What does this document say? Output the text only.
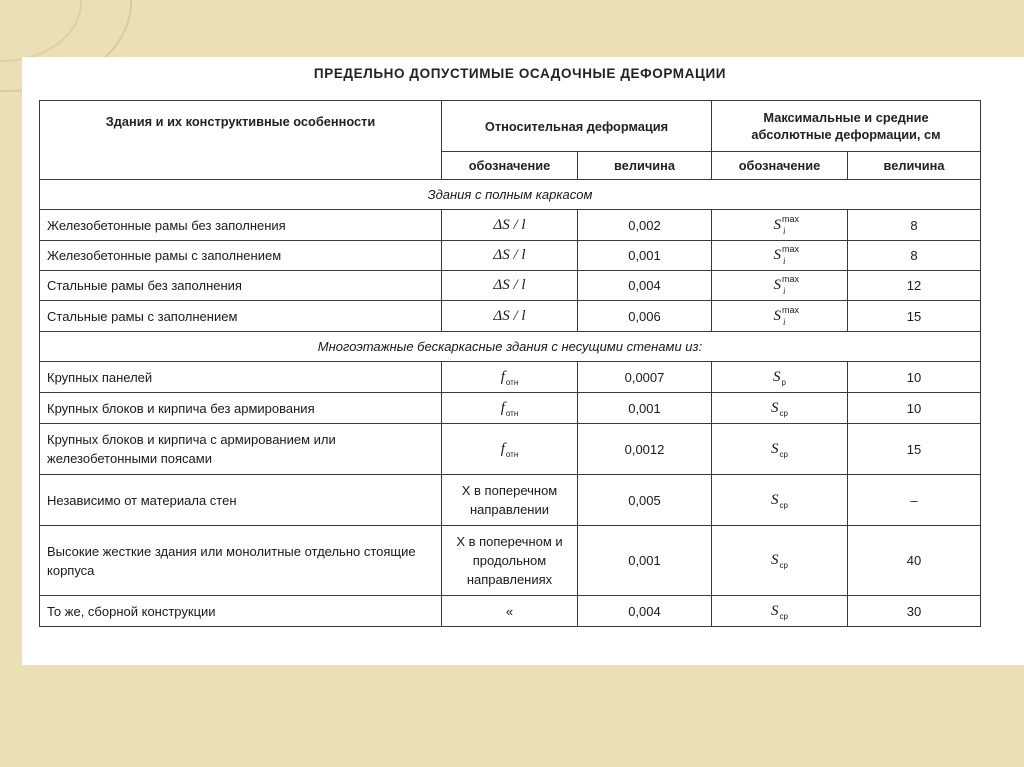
ПРЕДЕЛЬНО ДОПУСТИМЫЕ ОСАДОЧНЫЕ ДЕФОРМАЦИИ
Здания и их конструктивные особенности	Относительная деформация		Максимальные и средние абсолютные деформации, см	
	обозначение	величина	обозначение	величина
Здания с полным каркасом				
Железобетонные рамы без заполнения	ΔS / l	0,002	$S^{max}_i$	8
Железобетонные рамы с заполнением	ΔS / l	0,001	$S^{max}_i$	8
Стальные рамы без заполнения	ΔS / l	0,004	$S^{max}_i$	12
Стальные рамы с заполнением	ΔS / l	0,006	$S^{max}_i$	15
Многоэтажные бескаркасные здания с несущими стенами из:				
Крупных панелей	$f_{отн}$	0,0007	$S_р$	10
Крупных блоков и кирпича без армирования	$f_{отн}$	0,001	$S_{ср}$	10
Крупных блоков и кирпича с армированием или железобетонными поясами	$f_{отн}$	0,0012	$S_{ср}$	15
Независимо от материала стен	X в поперечном направлении	0,005	$S_{ср}$	–
Высокие жесткие здания или монолитные отдельно стоящие корпуса	X в поперечном и продольном направлениях	0,001	$S_{ср}$	40
То же, сборной конструкции	«	0,004	$S_{ср}$	30
